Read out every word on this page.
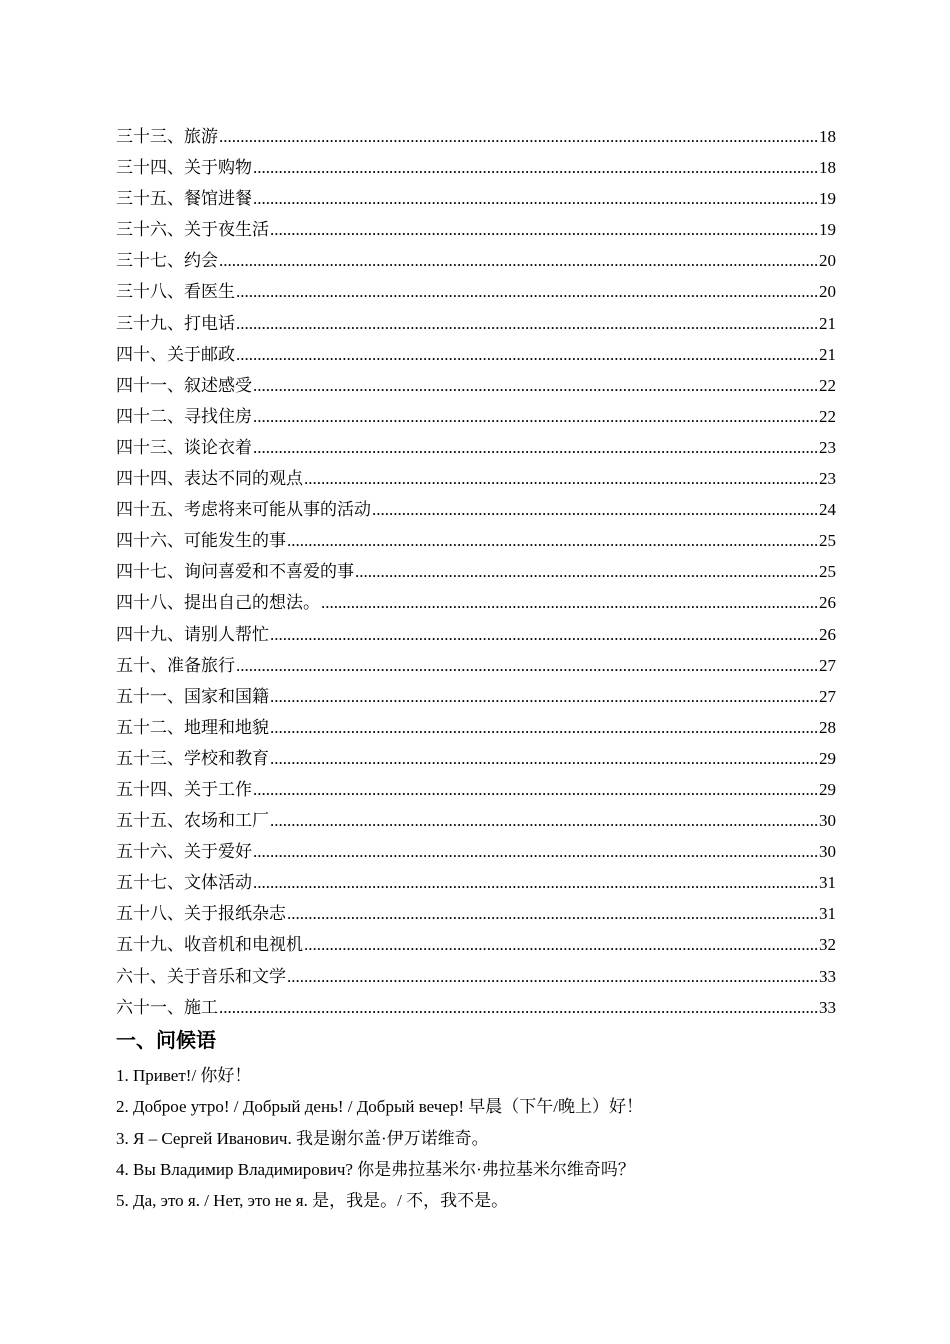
三十三、旅游 .....	18
三十四、关于购物 .....	18
三十五、餐馆进餐 .....	19
三十六、关于夜生活 .....	19
三十七、约会 .....	20
三十八、看医生 .....	20
三十九、打电话 .....	21
四十、关于邮政 .....	21
四十一、叙述感受 .....	22
四十二、寻找住房 .....	22
四十三、谈论衣着 .....	23
四十四、表达不同的观点 .....	23
四十五、考虑将来可能从事的活动 .....	24
四十六、可能发生的事 .....	25
四十七、询问喜爱和不喜爱的事 .....	25
四十八、提出自己的想法。 .....	26
四十九、请别人帮忙 .....	26
五十、准备旅行 .....	27
五十一、国家和国籍 .....	27
五十二、地理和地貌 .....	28
五十三、学校和教育 .....	29
五十四、关于工作 .....	29
五十五、农场和工厂 .....	30
五十六、关于爱好 .....	30
五十七、文体活动 .....	31
五十八、关于报纸杂志 .....	31
五十九、收音机和电视机 .....	32
六十、关于音乐和文学 .....	33
六十一、施工 .....	33
一、问候语
1. Привет!/ 你好！
2. Доброе утро! / Добрый день! / Добрый вечер! 早晨（下午/晚上）好！
3. Я – Сергей Иванович. 我是谢尔盖·伊万诺维奇。
4. Вы Владимир Владимирович? 你是弗拉基米尔·弗拉基米尔维奇吗？
5. Да, это я. / Нет, это не я. 是，我是。/ 不，我不是。
